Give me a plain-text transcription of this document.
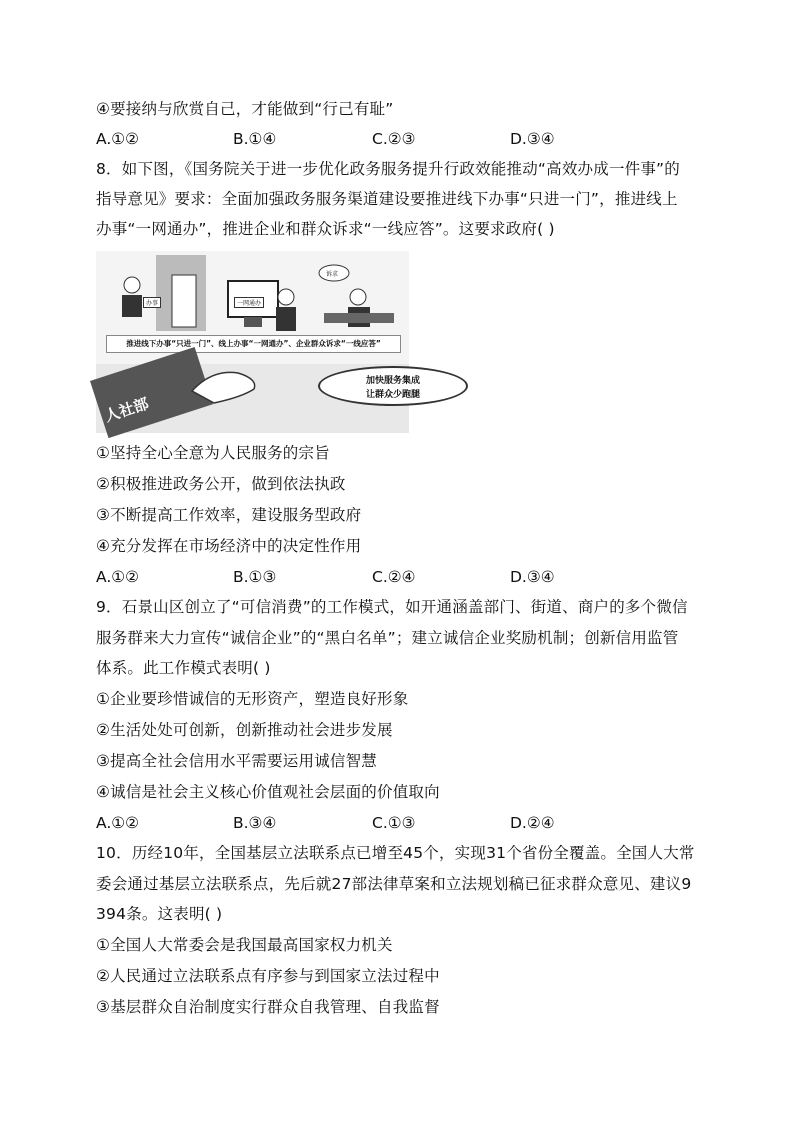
④要接纳与欣赏自己，才能做到“行己有耻”
A.①②	B.①④	C.②③	D.③④
8．如下图，《国务院关于进一步优化政务服务提升行政效能推动“高效办成一件事”的
指导意见》要求：全面加强政务服务渠道建设要推进线下办事“只进一门”，推进线上
办事“一网通办”，推进企业和群众诉求“一线应答”。这要求政府( )
办事	一网通办
诉求
推进线下办事“只进一门”、线上办事“一网通办”、企业群众诉求“一线应答”
人社部
加快服务集成
让群众少跑腿
①坚持全心全意为人民服务的宗旨
②积极推进政务公开，做到依法执政
③不断提高工作效率，建设服务型政府
④充分发挥在市场经济中的决定性作用
A.①②	B.①③	C.②④	D.③④
9．石景山区创立了“可信消费”的工作模式，如开通涵盖部门、街道、商户的多个微信
服务群来大力宣传“诚信企业”的“黑白名单”；建立诚信企业奖励机制；创新信用监管
体系。此工作模式表明( )
①企业要珍惜诚信的无形资产，塑造良好形象
②生活处处可创新，创新推动社会进步发展
③提高全社会信用水平需要运用诚信智慧
④诚信是社会主义核心价值观社会层面的价值取向
A.①②	B.③④	C.①③	D.②④
10．历经10年，全国基层立法联系点已增至45个，实现31个省份全覆盖。全国人大常
委会通过基层立法联系点，先后就27部法律草案和立法规划稿已征求群众意见、建议9
394条。这表明( )
①全国人大常委会是我国最高国家权力机关
②人民通过立法联系点有序参与到国家立法过程中
③基层群众自治制度实行群众自我管理、自我监督
